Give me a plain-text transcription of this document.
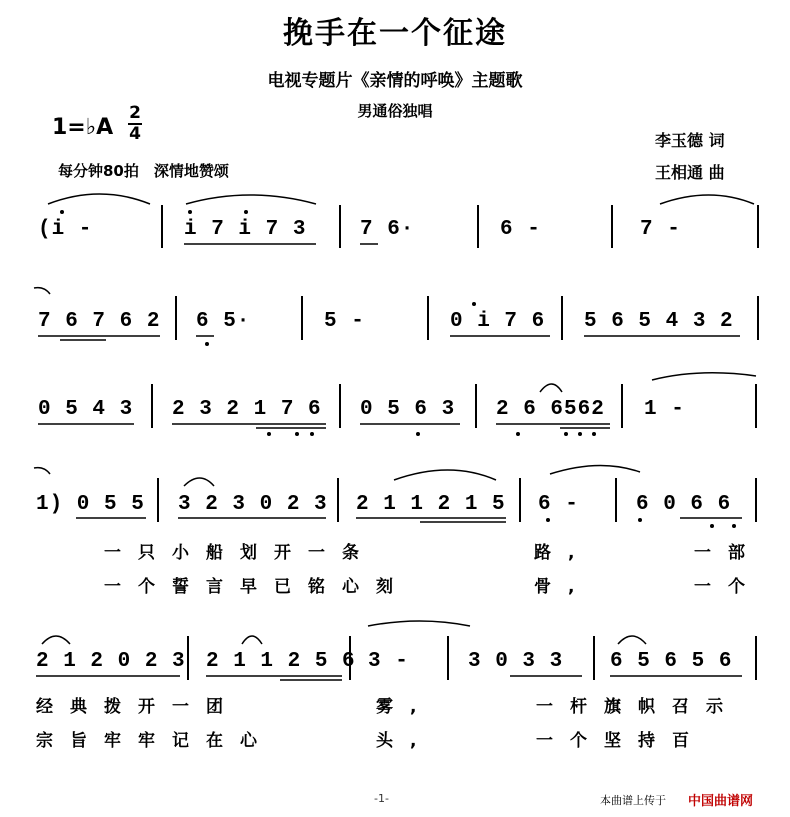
挽手在一个征途
电视专题片《亲情的呼唤》主题歌
男通俗独唱
1=♭A
2
4
每分钟80拍　深情地赞颂
李玉德 词
王相通 曲
(i -	i 7 i 7 3	7 6·	6 -	7 -
7 6 7 6 2 6 5·	5 -	0 i 7 6 5 6 5 4 3 2
0 5 4 3 2 3 2 1 7 6 0 5 6 3 2 6 6562 1 -
1) 0 5 5 3 2 3 0 2 3 2 1 1 2 1 5 6 -	6 0 6 6
一只小船划开一条	路,	一部
一个誓言早已铭心刻	骨,	一个
2 1 2 0 2 3 2 1 1 2 5 6 3 -	3 0 3 3 6 5 6 5 6
经典拨开一团	雾,	一杆旗帜召示
宗旨牢牢记在心	头,	一个坚持百
-1-	本曲谱上传于 中国曲谱网
